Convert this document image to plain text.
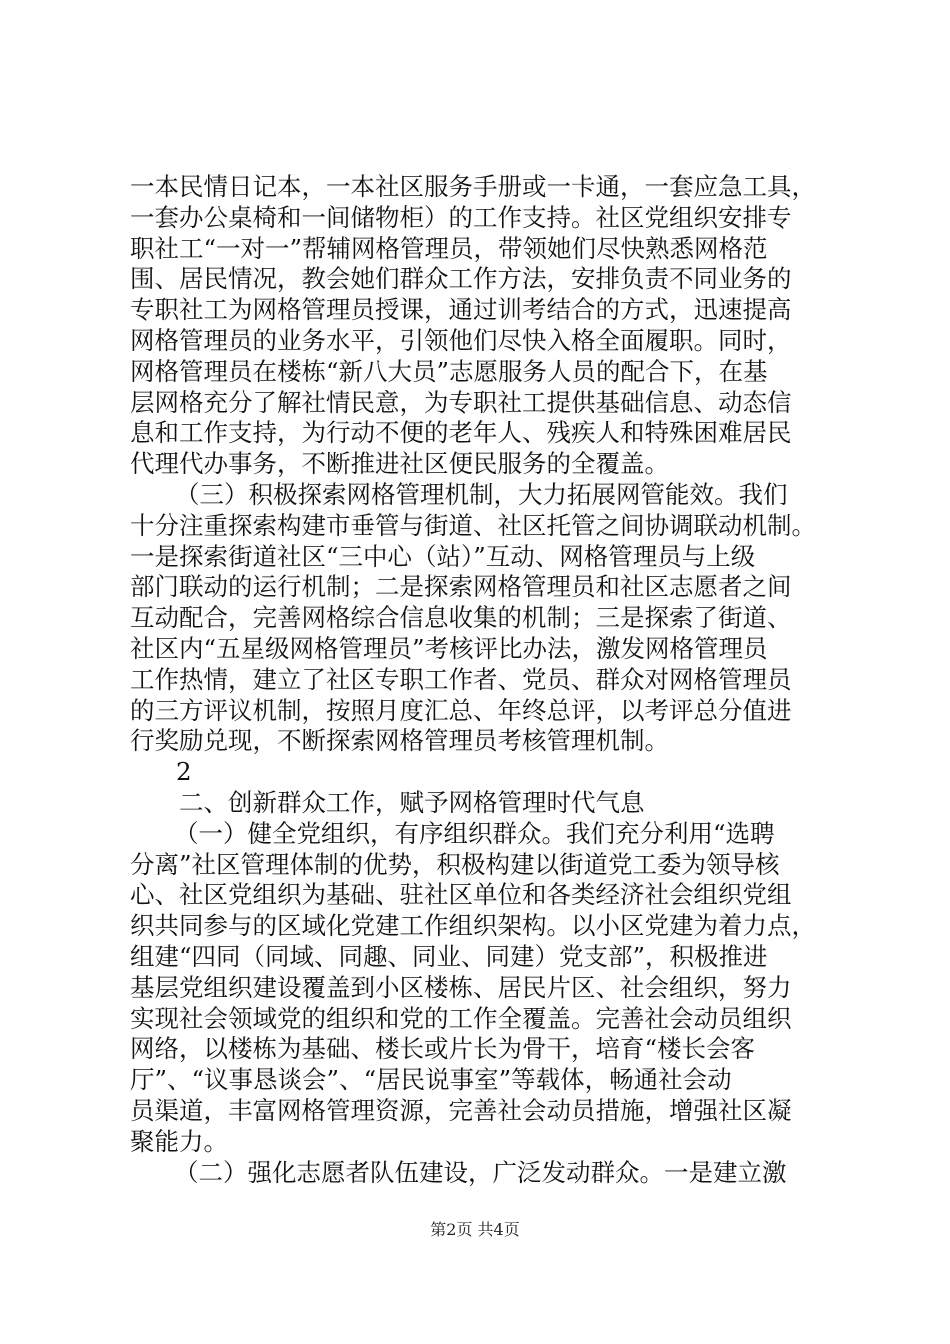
一本民情日记本，一本社区服务手册或一卡通，一套应急工具，
一套办公桌椅和一间储物柜）的工作支持。社区党组织安排专
职社工“一对一”帮辅网格管理员，带领她们尽快熟悉网格范
围、居民情况，教会她们群众工作方法，安排负责不同业务的
专职社工为网格管理员授课，通过训考结合的方式，迅速提高
网格管理员的业务水平，引领他们尽快入格全面履职。同时，
网格管理员在楼栋“新八大员”志愿服务人员的配合下，在基
层网格充分了解社情民意，为专职社工提供基础信息、动态信
息和工作支持，为行动不便的老年人、残疾人和特殊困难居民
代理代办事务，不断推进社区便民服务的全覆盖。
（三）积极探索网格管理机制，大力拓展网管能效。我们
十分注重探索构建市垂管与街道、社区托管之间协调联动机制。
一是探索街道社区“三中心（站）”互动、网格管理员与上级
部门联动的运行机制；二是探索网格管理员和社区志愿者之间
互动配合，完善网格综合信息收集的机制；三是探索了街道、
社区内“五星级网格管理员”考核评比办法，激发网格管理员
工作热情，建立了社区专职工作者、党员、群众对网格管理员
的三方评议机制，按照月度汇总、年终总评，以考评总分值进
行奖励兑现，不断探索网格管理员考核管理机制。
2
二、创新群众工作，赋予网格管理时代气息
（一）健全党组织，有序组织群众。我们充分利用“选聘
分离”社区管理体制的优势，积极构建以街道党工委为领导核
心、社区党组织为基础、驻社区单位和各类经济社会组织党组
织共同参与的区域化党建工作组织架构。以小区党建为着力点，
组建“四同（同域、同趣、同业、同建）党支部”，积极推进
基层党组织建设覆盖到小区楼栋、居民片区、社会组织，努力
实现社会领域党的组织和党的工作全覆盖。完善社会动员组织
网络，以楼栋为基础、楼长或片长为骨干，培育“楼长会客
厅”、“议事恳谈会”、“居民说事室”等载体，畅通社会动
员渠道，丰富网格管理资源，完善社会动员措施，增强社区凝
聚能力。
（二）强化志愿者队伍建设，广泛发动群众。一是建立激
第2页 共4页
